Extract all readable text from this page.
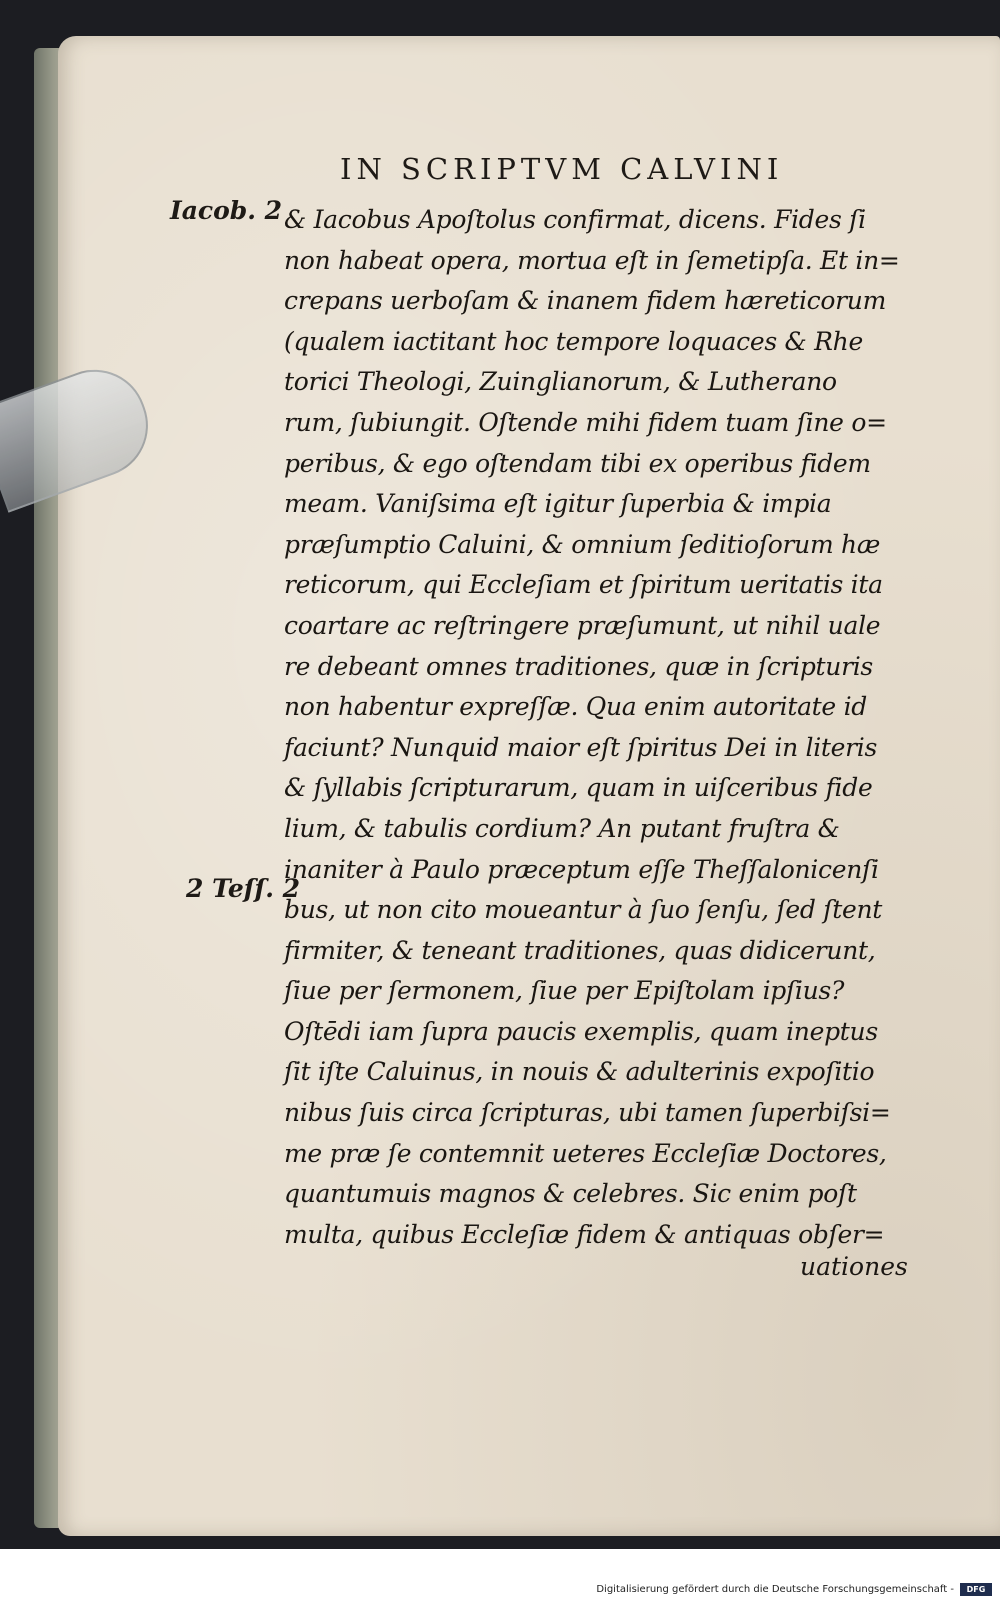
IN SCRIPTVM CALVINI
Iacob. 2
2 Teſſ. 2
& Iacobus Apoſtolus confirmat, dicens. Fides ſi
non habeat opera, mortua eſt in ſemetipſa. Et in=
crepans uerboſam & inanem fidem hæreticorum
(qualem iactitant hoc tempore loquaces & Rhe
torici Theologi, Zuinglianorum, & Lutherano
rum, ſubiungit. Oſtende mihi fidem tuam ſine o=
peribus, & ego oſtendam tibi ex operibus fidem
meam. Vaniſsima eſt igitur ſuperbia & impia
præſumptio Caluini, & omnium ſeditioſorum hæ
reticorum, qui Eccleſiam et ſpiritum ueritatis ita
coartare ac reſtringere præſumunt, ut nihil uale
re debeant omnes traditiones, quæ in ſcripturis
non habentur expreſſæ. Qua enim autoritate id
faciunt? Nunquid maior eſt ſpiritus Dei in literis
& ſyllabis ſcripturarum, quam in uiſceribus fide
lium, & tabulis cordium? An putant fruſtra &
inaniter à Paulo præceptum eſſe Theſſalonicenſi
bus, ut non cito moueantur à ſuo ſenſu, ſed ſtent
firmiter, & teneant traditiones, quas didicerunt,
ſiue per ſermonem, ſiue per Epiſtolam ipſius?
Oſtēdi iam ſupra paucis exemplis, quam ineptus
ſit iſte Caluinus, in nouis & adulterinis expoſitio
nibus ſuis circa ſcripturas, ubi tamen ſuperbiſsi=
me præ ſe contemnit ueteres Eccleſiæ Doctores,
quantumuis magnos & celebres. Sic enim poſt
multa, quibus Eccleſiæ fidem & antiquas obſer=
uationes
Digitalisierung gefördert durch die Deutsche Forschungsgemeinschaft -	DFG
